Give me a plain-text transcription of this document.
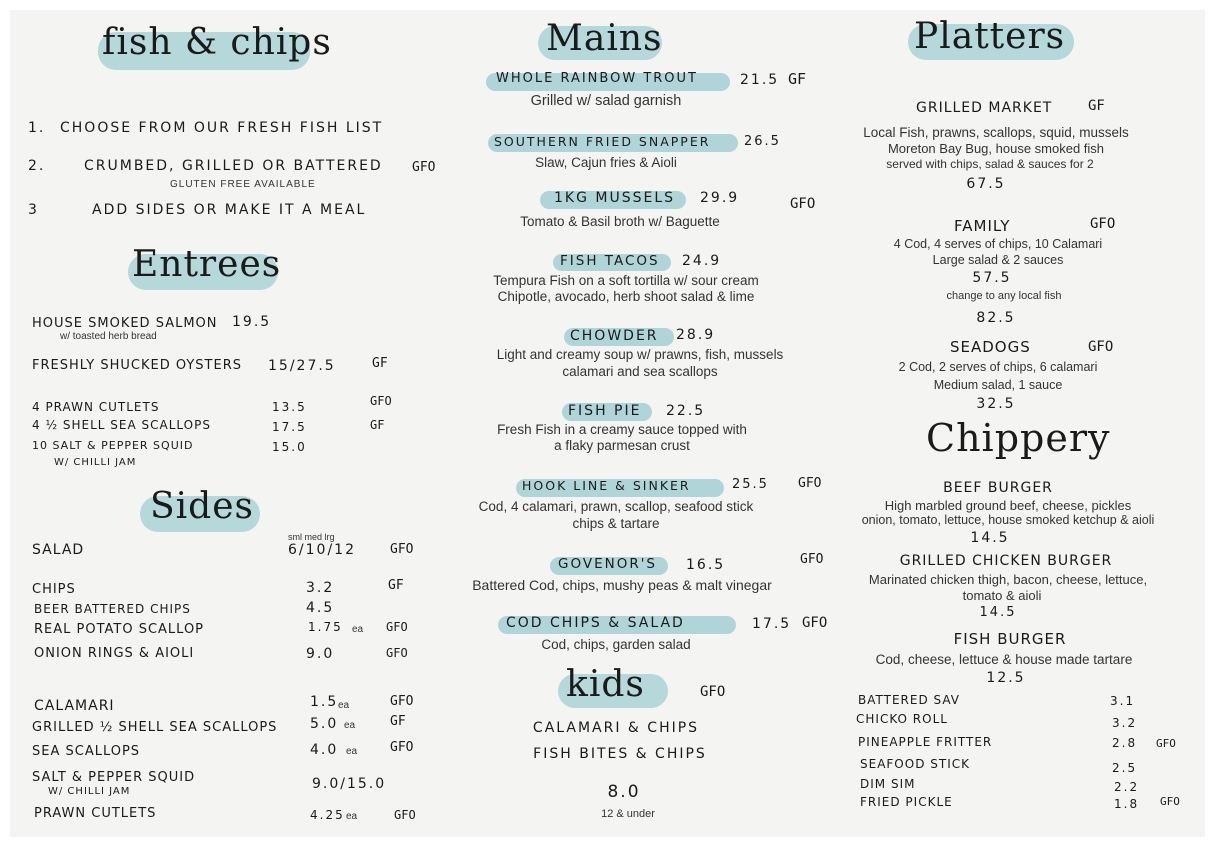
fish & chips
1. CHOOSE FROM OUR FRESH FISH LIST
2.	CRUMBED, GRILLED OR BATTERED GFO
GLUTEN FREE AVAILABLE
3	ADD SIDES OR MAKE IT A MEAL
Entrees
HOUSE SMOKED SALMON
w/ toasted herb bread
19.5
FRESHLY SHUCKED OYSTERS 15/27.5	GF
4 PRAWN CUTLETS	13.5	GFO
4 ½ SHELL SEA SCALLOPS	17.5	GF
10 SALT & PEPPER SQUID
W/ CHILLI JAM
15.0
Sides
sml med lrg
SALAD	6/10/12	GFO
CHIPS	3.2	GF
BEER BATTERED CHIPS	4.5
REAL POTATO SCALLOP	1.75 ea GFO
ONION RINGS & AIOLI	9.0	GFO
CALAMARI	1.5 ea	GFO
GRILLED ½ SHELL SEA SCALLOPS 5.0 ea	GF
SEA SCALLOPS	4.0 ea	GFO
SALT & PEPPER SQUID
W/ CHILLI JAM	9.0/15.0
PRAWN CUTLETS	4.25 ea	GFO
Mains
WHOLE RAINBOW TROUT	21.5 GF
Grilled w/ salad garnish
SOUTHERN FRIED SNAPPER	26.5
Slaw, Cajun fries & Aioli
1KG MUSSELS 29.9	GFO
Tomato & Basil broth w/ Baguette
FISH TACOS 24.9
Tempura Fish on a soft tortilla w/ sour cream
Chipotle, avocado, herb shoot salad & lime
CHOWDER 28.9
Light and creamy soup w/ prawns, fish, mussels
calamari and sea scallops
FISH PIE 22.5
Fresh Fish in a creamy sauce topped with
a flaky parmesan crust
HOOK LINE & SINKER	25.5 GFO
Cod, 4 calamari, prawn, scallop, seafood stick
chips & tartare
GOVENOR'S 16.5	GFO
Battered Cod, chips, mushy peas & malt vinegar
COD CHIPS & SALAD	17.5 GFO
Cod, chips, garden salad
kids	GFO
CALAMARI & CHIPS
FISH BITES & CHIPS
8.0
12 & under
Platters
GRILLED MARKET	GF
Local Fish, prawns, scallops, squid, mussels
Moreton Bay Bug, house smoked fish
served with chips, salad & sauces for 2
67.5
FAMILY	GFO
4 Cod, 4 serves of chips, 10 Calamari
Large salad & 2 sauces
57.5
change to any local fish
82.5
SEADOGS	GFO
2 Cod, 2 serves of chips, 6 calamari
Medium salad, 1 sauce
32.5
Chippery
BEEF BURGER
High marbled ground beef, cheese, pickles
onion, tomato, lettuce, house smoked ketchup & aioli
14.5
GRILLED CHICKEN BURGER
Marinated chicken thigh, bacon, cheese, lettuce,
tomato & aioli
14.5
FISH BURGER
Cod, cheese, lettuce & house made tartare
12.5
BATTERED SAV	3.1
CHICKO ROLL	3.2
PINEAPPLE FRITTER	2.8 GFO
SEAFOOD STICK	2.5
DIM SIM	2.2
FRIED PICKLE	1.8 GFO
